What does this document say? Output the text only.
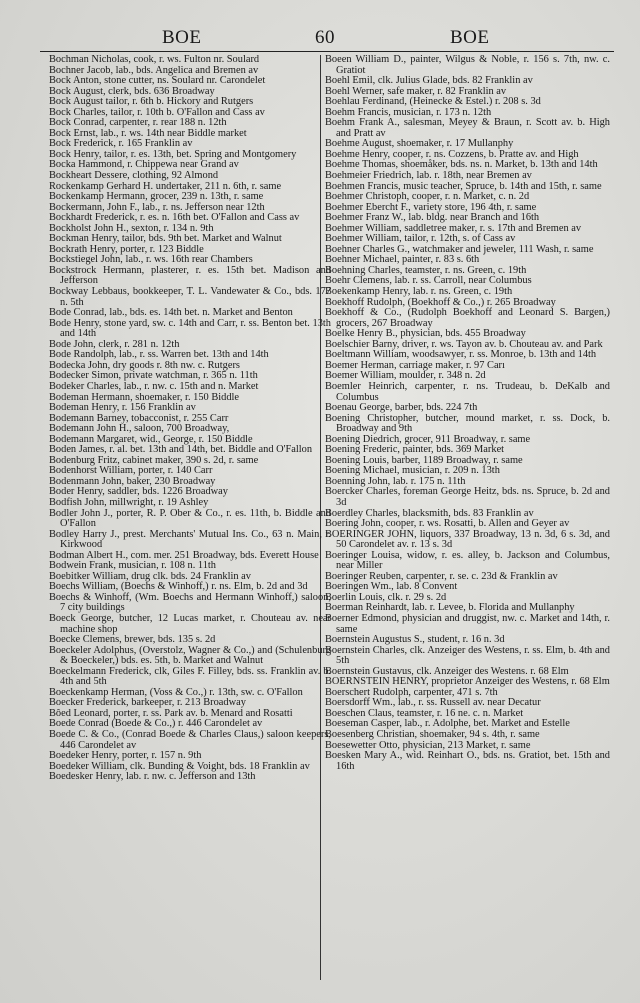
BOE	60	BOE
Bochman Nicholas, cook, r. ws. Fulton nr. Soulard
Bochner Jacob, lab., bds. Angelica and Bremen av
Bock Anton, stone cutter, ns. Soulard nr. Carondelet
Bock August, clerk, bds. 636 Broadway
Bock August tailor, r. 6th b. Hickory and Rutgers
Bock Charles, tailor, r. 10th b. O'Fallon and Cass av
Bock Conrad, carpenter, r. rear 188 n. 12th
Bock Ernst, lab., r. ws. 14th near Biddle market
Bock Frederick, r. 165 Franklin av
Bock Henry, tailor, r. es. 13th, bet. Spring and Montgomery
Bocka Hammond, r. Chippewa near Grand av
Bockheart Dessere, clothing, 92 Almond
Rockenkamp Gerhard H. undertaker, 211 n. 6th, r. same
Bockenkamp Hermann, grocer, 239 n. 13th, r. same
Bockermann, John F., lab., r. ns. Jefferson near 12th
Bockhardt Frederick, r. es. n. 16th bet. O'Fallon and Cass av
Bockholst John H., sexton, r. 134 n. 9th
Bockman Henry, tailor, bds. 9th bet. Market and Walnut
Bockrath Henry, porter, r. 123 Biddle
Bockstiegel John, lab., r. ws. 16th rear Chambers
Bockstrock Hermann, plasterer, r. es. 15th bet. Madison and Jefferson
Bockway Lebbaus, bookkeeper, T. L. Vandewater & Co., bds. 177 n. 5th
Bode Conrad, lab., bds. es. 14th bet. n. Market and Benton
Bode Henry, stone yard, sw. c. 14th and Carr, r. ss. Benton bet. 13th and 14th
Bode John, clerk, r. 281 n. 12th
Bode Randolph, lab., r. ss. Warren bet. 13th and 14th
Bodecka John, dry goods r. 8th nw. c. Rutgers
Bodecker Simon, private watchman, r. 365 n. 11th
Bodeker Charles, lab., r. nw. c. 15th and n. Market
Bodeman Hermann, shoemaker, r. 150 Biddle
Bodeman Henry, r. 156 Franklin av
Bodemann Barney, tobacconist, r. 255 Carr
Bodemann John H., saloon, 700 Broadway,
Bodemann Margaret, wid., George, r. 150 Biddle
Boden James, r. al. bet. 13th and 14th, bet. Biddle and O'Fallon
Bodenburg Fritz, cabinet maker, 390 s. 2d, r. same
Bodenhorst William, porter, r. 140 Carr
Bodenmann John, baker, 230 Broadway
Boder Henry, saddler, bds. 1226 Broadway
Bodfish John, millwright, r. 19 Ashley
Bodler John J., porter, R. P. Ober & Co., r. es. 11th, b. Biddle and O'Fallon
Bodley Harry J., prest. Merchants' Mutual Ins. Co., 63 n. Main, r. Kirkwood
Bodman Albert H., com. mer. 251 Broadway, bds. Everett House
Bodwein Frank, musician, r. 108 n. 11th
Boebitker William, drug clk. bds. 24 Franklin av
Boechs William, (Boechs & Winhoff,) r. ns. Elm, b. 2d and 3d
Boechs & Winhoff, (Wm. Boechs and Hermann Winhoff,) saloon, 7 city buildings
Boeck George, butcher, 12 Lucas market, r. Chouteau av. near machine shop
Boecke Clemens, brewer, bds. 135 s. 2d
Boeckeler Adolphus, (Overstolz, Wagner & Co.,) and (Schulenburg & Boeckeler,) bds. es. 5th, b. Market and Walnut
Boeckelmann Frederick, clk, Giles F. Filley, bds. ss. Franklin av. b. 4th and 5th
Boeckenkamp Herman, (Voss & Co.,) r. 13th, sw. c. O'Fallon
Boecker Frederick, barkeeper, r. 213 Broadway
Bôed Leonard, porter, r. ss. Park av. b. Menard and Rosatti
Boede Conrad (Boede & Co.,) r. 446 Carondelet av
Boede C. & Co., (Conrad Boede & Charles Claus,) saloon keepers, 446 Carondelet av
Boedeker Henry, porter, r. 157 n. 9th
Boedeker William, clk. Bunding & Voight, bds. 18 Franklin av
Boedesker Henry, lab. r. nw. c. Jefferson and 13th
Boeen William D., painter, Wilgus & Noble, r. 156 s. 7th, nw. c. Gratiot
Boehl Emil, clk. Julius Glade, bds. 82 Franklin av
Boehl Werner, safe maker, r. 82 Franklin av
Boehlau Ferdinand, (Heinecke & Estel.) r. 208 s. 3d
Boehm Francis, musician, r. 173 n. 12th
Boehm Frank A., salesman, Meyey & Braun, r. Scott av. b. High and Pratt av
Boehme August, shoemaker, r. 17 Mullanphy
Boehme Henry, cooper, r. ns. Cozzens, b. Pratte av. and High
Boehme Thomas, shoemåker, bds. ns. n. Market, b. 13th and 14th
Boehmeier Friedrich, lab. r. 18th, near Bremen av
Boehmen Francis, music teacher, Spruce, b. 14th and 15th, r. same
Boehmer Christoph, cooper, r. n. Market, c. n. 2d
Boehmer Ebercht F., variety store, 196 4th, r. same
Boehmer Franz W., lab. bldg. near Branch and 16th
Boehmer William, saddletree maker, r. s. 17th and Bremen av
Boehmer William, tailor, r. 12th, s. of Cass av
Boehner Charles G., watchmaker and jeweler, 111 Wash, r. same
Boehner Michael, painter, r. 83 s. 6th
Boehning Charles, teamster, r. ns. Green, c. 19th
Boehr Clemens, lab. r. ss. Carroll, near Columbus
Boekenkamp Henry, lab. r. ns. Green, c. 19th
Boekhoff Rudolph, (Boekhoff & Co.,) r. 265 Broadway
Boekhoff & Co., (Rudolph Boekhoff and Leonard S. Bargen,) grocers, 267 Broadway
Boelke Henry B., physician, bds. 455 Broadway
Boelschier Barny, driver, r. ws. Tayon av. b. Chouteau av. and Park
Boeltmann William, woodsawyer, r. ss. Monroe, b. 13th and 14th
Boemer Herman, carriage maker, r. 97 Carı
Boemer William, moulder, r. 348 n. 2d
Boemler Heinrich, carpenter, r. ns. Trudeau, b. DeKalb and Columbus
Boenau George, barber, bds. 224 7th
Boening Christopher, butcher, mound market, r. ss. Dock, b. Broadway and 9th
Boening Diedrich, grocer, 911 Broadway, r. same
Boening Frederic, painter, bds. 369 Market
Boening Louis, barber, 1189 Broadway, r. same
Boening Michael, musician, r. 209 n. 13th
Boenning John, lab. r. 175 n. 11th
Boercker Charles, foreman George Heitz, bds. ns. Spruce, b. 2d and 3d
Boerdley Charles, blacksmith, bds. 83 Franklin av
Boering John, cooper, r. ws. Rosatti, b. Allen and Geyer av
BOERINGER JOHN, liquors, 337 Broadway, 13 n. 3d, 6 s. 3d, and 50 Carondelet av. r. 13 s. 3d
Boeringer Louisa, widow, r. es. alley, b. Jackson and Columbus, near Miller
Boeringer Reuben, carpenter, r. se. c. 23d & Franklin av
Boeringen Wm., lab. 8 Convent
Boerlin Louis, clk. r. 29 s. 2d
Boerman Reinhardt, lab. r. Levee, b. Florida and Mullanphy
Boerner Edmond, physician and druggist, nw. c. Market and 14th, r. same
Boernstein Augustus S., student, r. 16 n. 3d
Boernstein Charles, clk. Anzeiger des Westens, r. ss. Elm, b. 4th and 5th
Boernstein Gustavus, clk. Anzeiger des Westens. r. 68 Elm
BOERNSTEIN HENRY, proprietor Anzeiger des Westens, r. 68 Elm
Boerschert Rudolph, carpenter, 471 s. 7th
Boersdorff Wm., lab., r. ss. Russell av. near Decatur
Boeschen Claus, teamster, r. 16 ne. c. n. Market
Boeseman Casper, lab., r. Adolphe, bet. Market and Estelle
Boesenberg Christian, shoemaker, 94 s. 4th, r. same
Boesewetter Otto, physician, 213 Market, r. same
Boesken Mary A., wid. Reinhart O., bds. ns. Gratiot, bet. 15th and 16th
